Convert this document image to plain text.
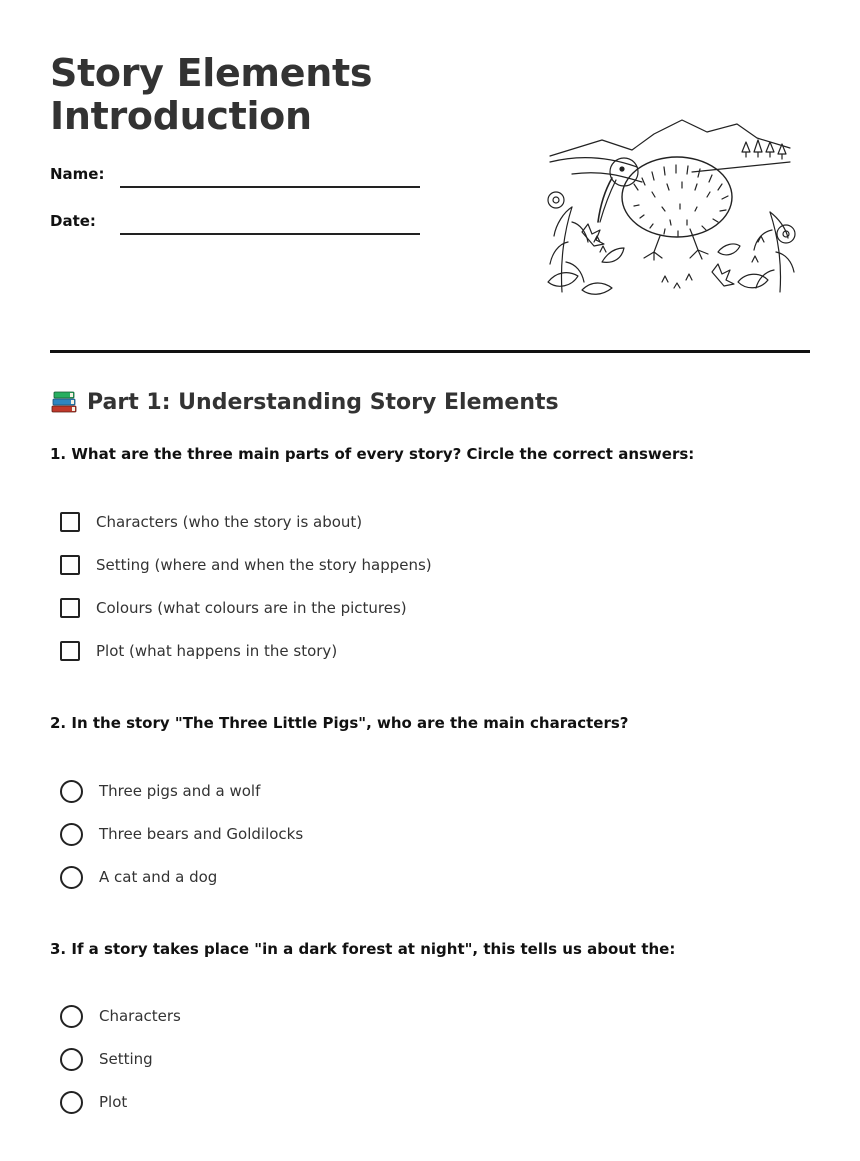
Story Elements
Introduction
Name:
Date:
Part 1: Understanding Story Elements
1. What are the three main parts of every story? Circle the correct answers:
Characters (who the story is about)
Setting (where and when the story happens)
Colours (what colours are in the pictures)
Plot (what happens in the story)
2. In the story "The Three Little Pigs", who are the main characters?
Three pigs and a wolf
Three bears and Goldilocks
A cat and a dog
3. If a story takes place "in a dark forest at night", this tells us about the:
Characters
Setting
Plot
